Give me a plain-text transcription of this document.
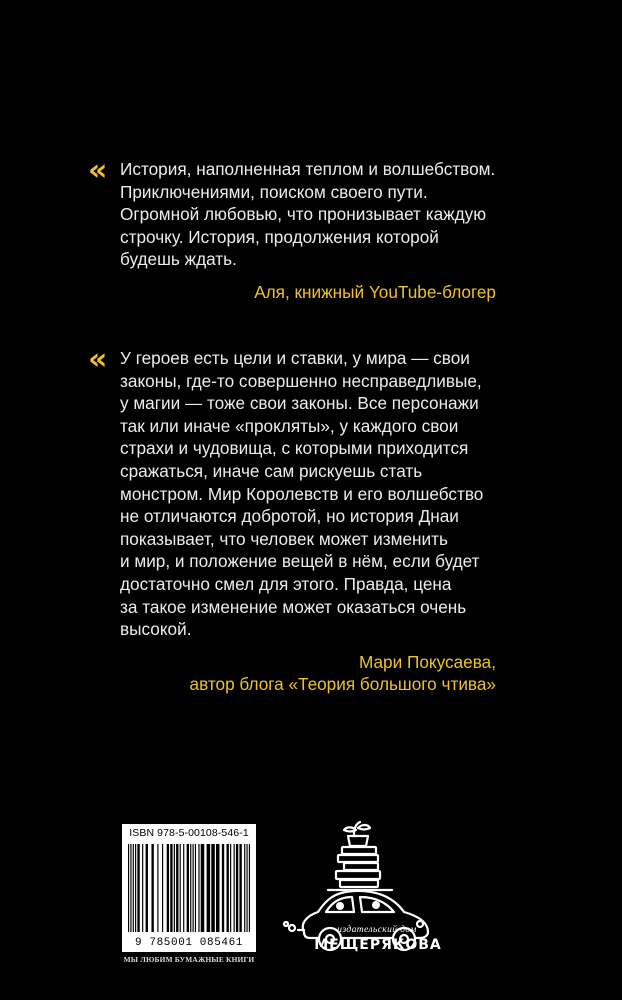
« История, наполненная теплом и волшебством.
Приключениями, поиском своего пути.
Огромной любовью, что пронизывает каждую
строчку. История, продолжения которой
будешь ждать.

Аля, книжный YouTube-блогер

« У героев есть цели и ставки, у мира — свои
законы, где-то совершенно несправедливые,
у магии — тоже свои законы. Все персонажи
так или иначе «прокляты», у каждого свои
страхи и чудовища, с которыми приходится
сражаться, иначе сам рискуешь стать
монстром. Мир Королевств и его волшебство
не отличаются добротой, но история Днаи
показывает, что человек может изменить
и мир, и положение вещей в нём, если будет
достаточно смел для этого. Правда, цена
за такое изменение может оказаться очень
высокой.

Мари Покусаева,
автор блога «Теория большого чтива»

ISBN 978-5-00108-546-1
9 785001 085461
МЫ ЛЮБИМ БУМАЖНЫЕ КНИГИ
издательский дом
МЕЩЕРЯКОВА
